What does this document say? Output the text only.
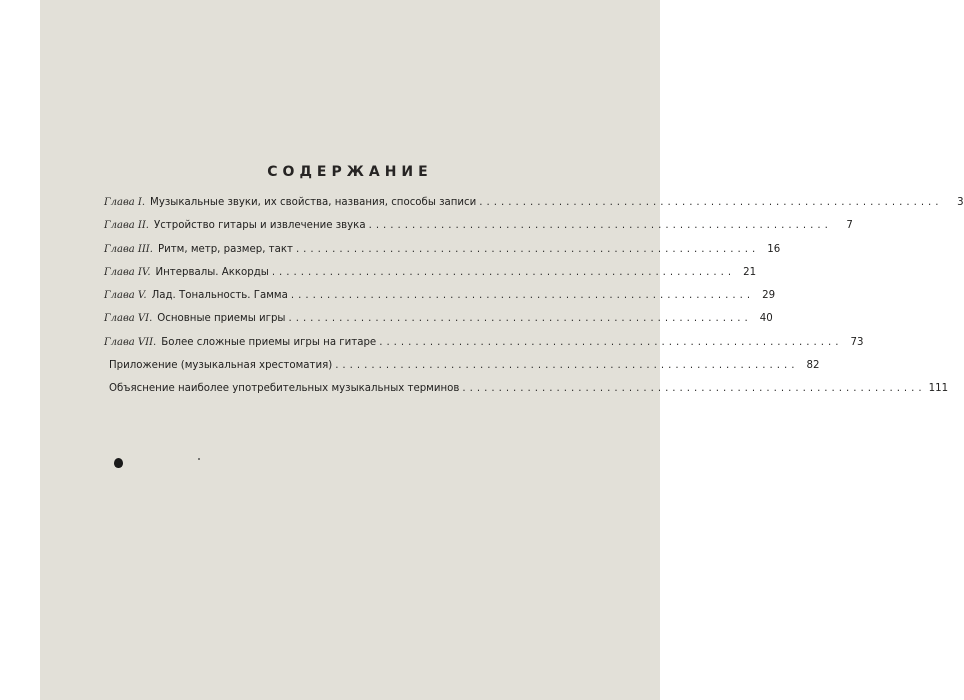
СОДЕРЖАНИЕ
Глава I. Музыкальные звуки, их свойства, названия, способы записи ................................................................	3
Глава II. Устройство гитары и извлечение звука ................................................................	7
Глава III. Ритм, метр, размер, такт ................................................................ 16
Глава IV. Интервалы. Аккорды ................................................................ 21
Глава V. Лад. Тональность. Гамма ................................................................ 29
Глава VI. Основные приемы игры ................................................................ 40
Глава VII. Более сложные приемы игры на гитаре ................................................................ 73
Приложение (музыкальная хрестоматия) ................................................................ 82
Объяснение наиболее употребительных музыкальных терминов ................................................................ 111
